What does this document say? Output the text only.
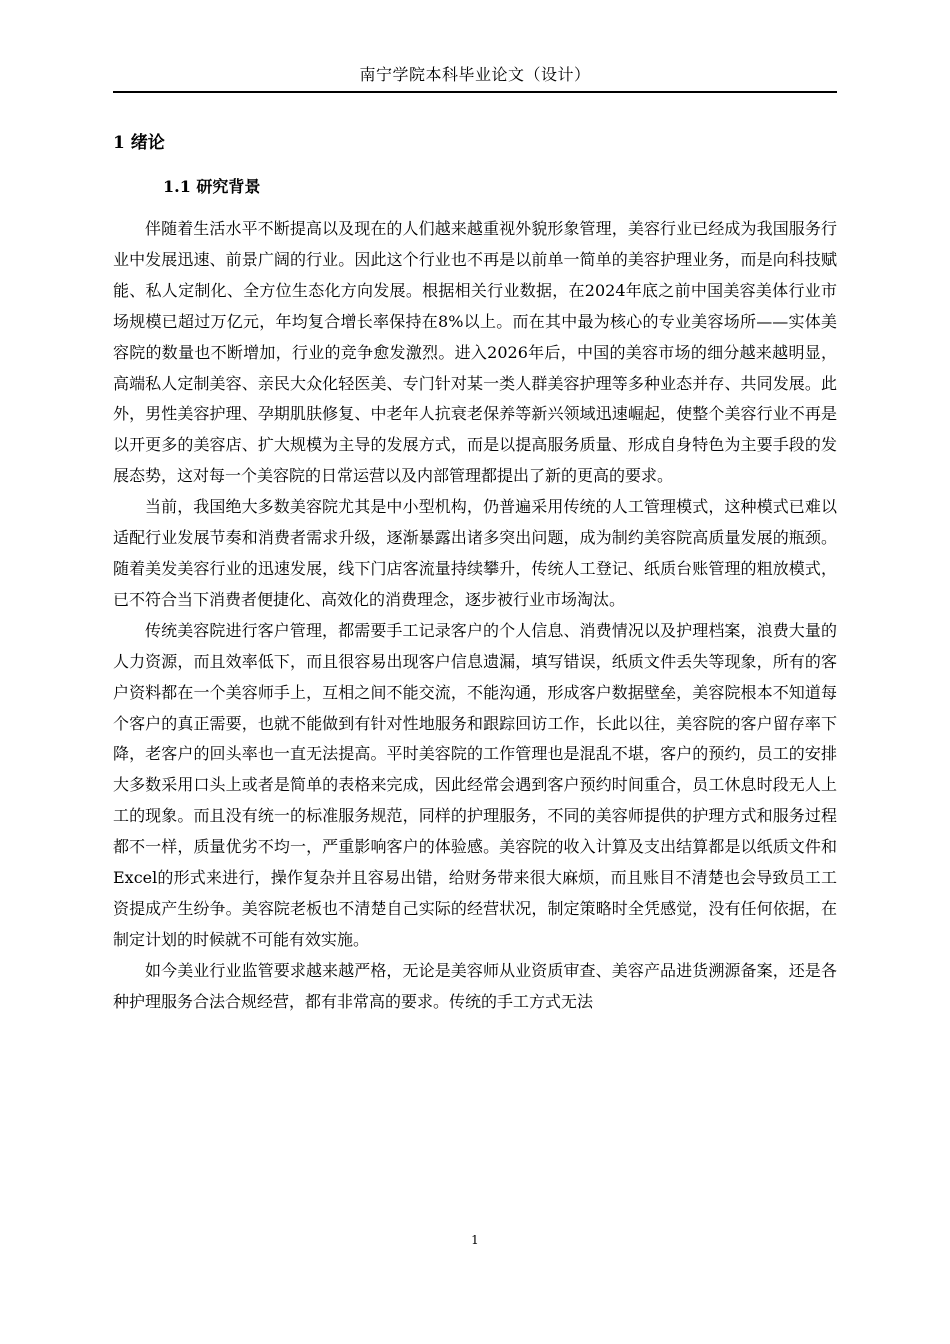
南宁学院本科毕业论文（设计）
1 绪论
1.1 研究背景

伴随着生活水平不断提高以及现在的人们越来越重视外貌形象管理，美容行业已经成为我国服务行业中发展迅速、前景广阔的行业。因此这个行业也不再是以前单一简单的美容护理业务，而是向科技赋能、私人定制化、全方位生态化方向发展。根据相关行业数据，在2024年底之前中国美容美体行业市场规模已超过万亿元，年均复合增长率保持在8%以上。而在其中最为核心的专业美容场所——实体美容院的数量也不断增加，行业的竞争愈发激烈。进入2026年后，中国的美容市场的细分越来越明显，高端私人定制美容、亲民大众化轻医美、专门针对某一类人群美容护理等多种业态并存、共同发展。此外，男性美容护理、孕期肌肤修复、中老年人抗衰老保养等新兴领域迅速崛起，使整个美容行业不再是以开更多的美容店、扩大规模为主导的发展方式，而是以提高服务质量、形成自身特色为主要手段的发展态势，这对每一个美容院的日常运营以及内部管理都提出了新的更高的要求。

当前，我国绝大多数美容院尤其是中小型机构，仍普遍采用传统的人工管理模式，这种模式已难以适配行业发展节奏和消费者需求升级，逐渐暴露出诸多突出问题，成为制约美容院高质量发展的瓶颈。随着美发美容行业的迅速发展，线下门店客流量持续攀升，传统人工登记、纸质台账管理的粗放模式，已不符合当下消费者便捷化、高效化的消费理念，逐步被行业市场淘汰。

传统美容院进行客户管理，都需要手工记录客户的个人信息、消费情况以及护理档案，浪费大量的人力资源，而且效率低下，而且很容易出现客户信息遗漏，填写错误，纸质文件丢失等现象，所有的客户资料都在一个美容师手上，互相之间不能交流，不能沟通，形成客户数据壁垒，美容院根本不知道每个客户的真正需要，也就不能做到有针对性地服务和跟踪回访工作，长此以往，美容院的客户留存率下降，老客户的回头率也一直无法提高。平时美容院的工作管理也是混乱不堪，客户的预约，员工的安排大多数采用口头上或者是简单的表格来完成，因此经常会遇到客户预约时间重合，员工休息时段无人上工的现象。而且没有统一的标准服务规范，同样的护理服务，不同的美容师提供的护理方式和服务过程都不一样，质量优劣不均一，严重影响客户的体验感。美容院的收入计算及支出结算都是以纸质文件和Excel的形式来进行，操作复杂并且容易出错，给财务带来很大麻烦，而且账目不清楚也会导致员工工资提成产生纷争。美容院老板也不清楚自己实际的经营状况，制定策略时全凭感觉，没有任何依据，在制定计划的时候就不可能有效实施。

如今美业行业监管要求越来越严格，无论是美容师从业资质审查、美容产品进货溯源备案，还是各种护理服务合法合规经营，都有非常高的要求。传统的手工方式无法

1
